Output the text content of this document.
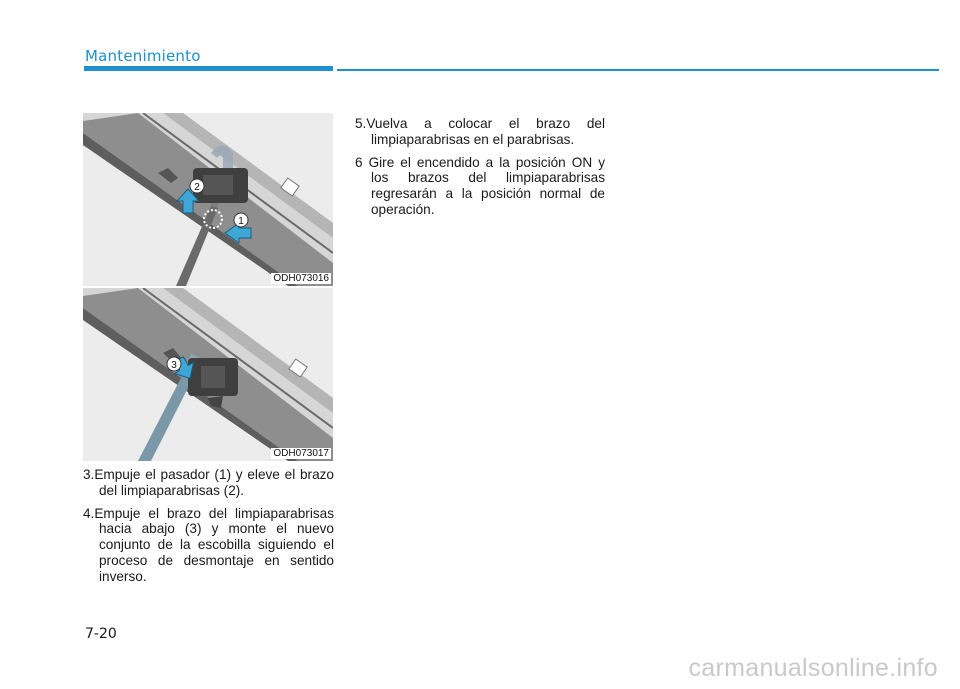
Mantenimiento
2
1
ODH073016
3
ODH073017

3.Empuje el pasador (1) y eleve el brazo del limpiaparabrisas (2).

4.Empuje el brazo del limpiaparabrisas hacia abajo (3) y monte el nuevo conjunto de la escobilla siguiendo el proceso de desmontaje en sentido inverso.

5.Vuelva a colocar el brazo del limpiaparabrisas en el parabrisas.

6 Gire el encendido a la posición ON y los brazos del limpiaparabrisas regresarán a la posición normal de operación.

7-20
carmanualsonline.info
